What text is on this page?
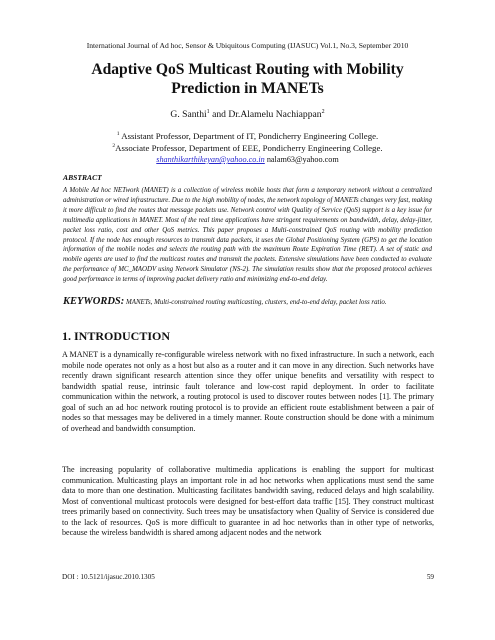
International Journal of Ad hoc, Sensor & Ubiquitous Computing (IJASUC) Vol.1, No.3, September 2010
Adaptive QoS Multicast Routing with Mobility
Prediction in MANETs
G. Santhi$^1$ and Dr.Alamelu Nachiappan$^2$
$^1$ Assistant Professor, Department of IT, Pondicherry Engineering College.
$^2$Associate Professor, Department of EEE, Pondicherry Engineering College.
shanthikarthikeyan@yahoo.co.in nalam63@yahoo.com
ABSTRACT
A Mobile Ad hoc NETwork (MANET) is a collection of wireless mobile hosts that form a temporary network without a centralized administration or wired infrastructure. Due to the high mobility of nodes, the network topology of MANETs changes very fast, making it more difficult to find the routes that message packets use. Network control with Quality of Service (QoS) support is a key issue for multimedia applications in MANET. Most of the real time applications have stringent requirements on bandwidth, delay, delay-jitter, packet loss ratio, cost and other QoS metrics. This paper proposes a Multi-constrained QoS routing with mobility prediction protocol. If the node has enough resources to transmit data packets, it uses the Global Positioning System (GPS) to get the location information of the mobile nodes and selects the routing path with the maximum Route Expiration Time (RET). A set of static and mobile agents are used to find the multicast routes and transmit the packets. Extensive simulations have been conducted to evaluate the performance of MC_MAODV using Network Simulator (NS-2). The simulation results show that the proposed protocol achieves good performance in terms of improving packet delivery ratio and minimizing end-to-end delay.
KEYWORDS: MANETs, Multi-constrained routing multicasting, clusters, end-to-end delay, packet loss ratio.
1. INTRODUCTION
A MANET is a dynamically re-configurable wireless network with no fixed infrastructure. In such a network, each mobile node operates not only as a host but also as a router and it can move in any direction. Such networks have recently drawn significant research attention since they offer unique benefits and versatility with respect to bandwidth spatial reuse, intrinsic fault tolerance and low-cost rapid deployment. In order to facilitate communication within the network, a routing protocol is used to discover routes between nodes [1]. The primary goal of such an ad hoc network routing protocol is to provide an efficient route establishment between a pair of nodes so that messages may be delivered in a timely manner. Route construction should be done with a minimum of overhead and bandwidth consumption.
The increasing popularity of collaborative multimedia applications is enabling the support for multicast communication. Multicasting plays an important role in ad hoc networks when applications must send the same data to more than one destination. Multicasting facilitates bandwidth saving, reduced delays and high scalability. Most of conventional multicast protocols were designed for best-effort data traffic [15]. They construct multicast trees primarily based on connectivity. Such trees may be unsatisfactory when Quality of Service is considered due to the lack of resources. QoS is more difficult to guarantee in ad hoc networks than in other type of networks, because the wireless bandwidth is shared among adjacent nodes and the network
DOI : 10.5121/ijasuc.2010.1305	59
